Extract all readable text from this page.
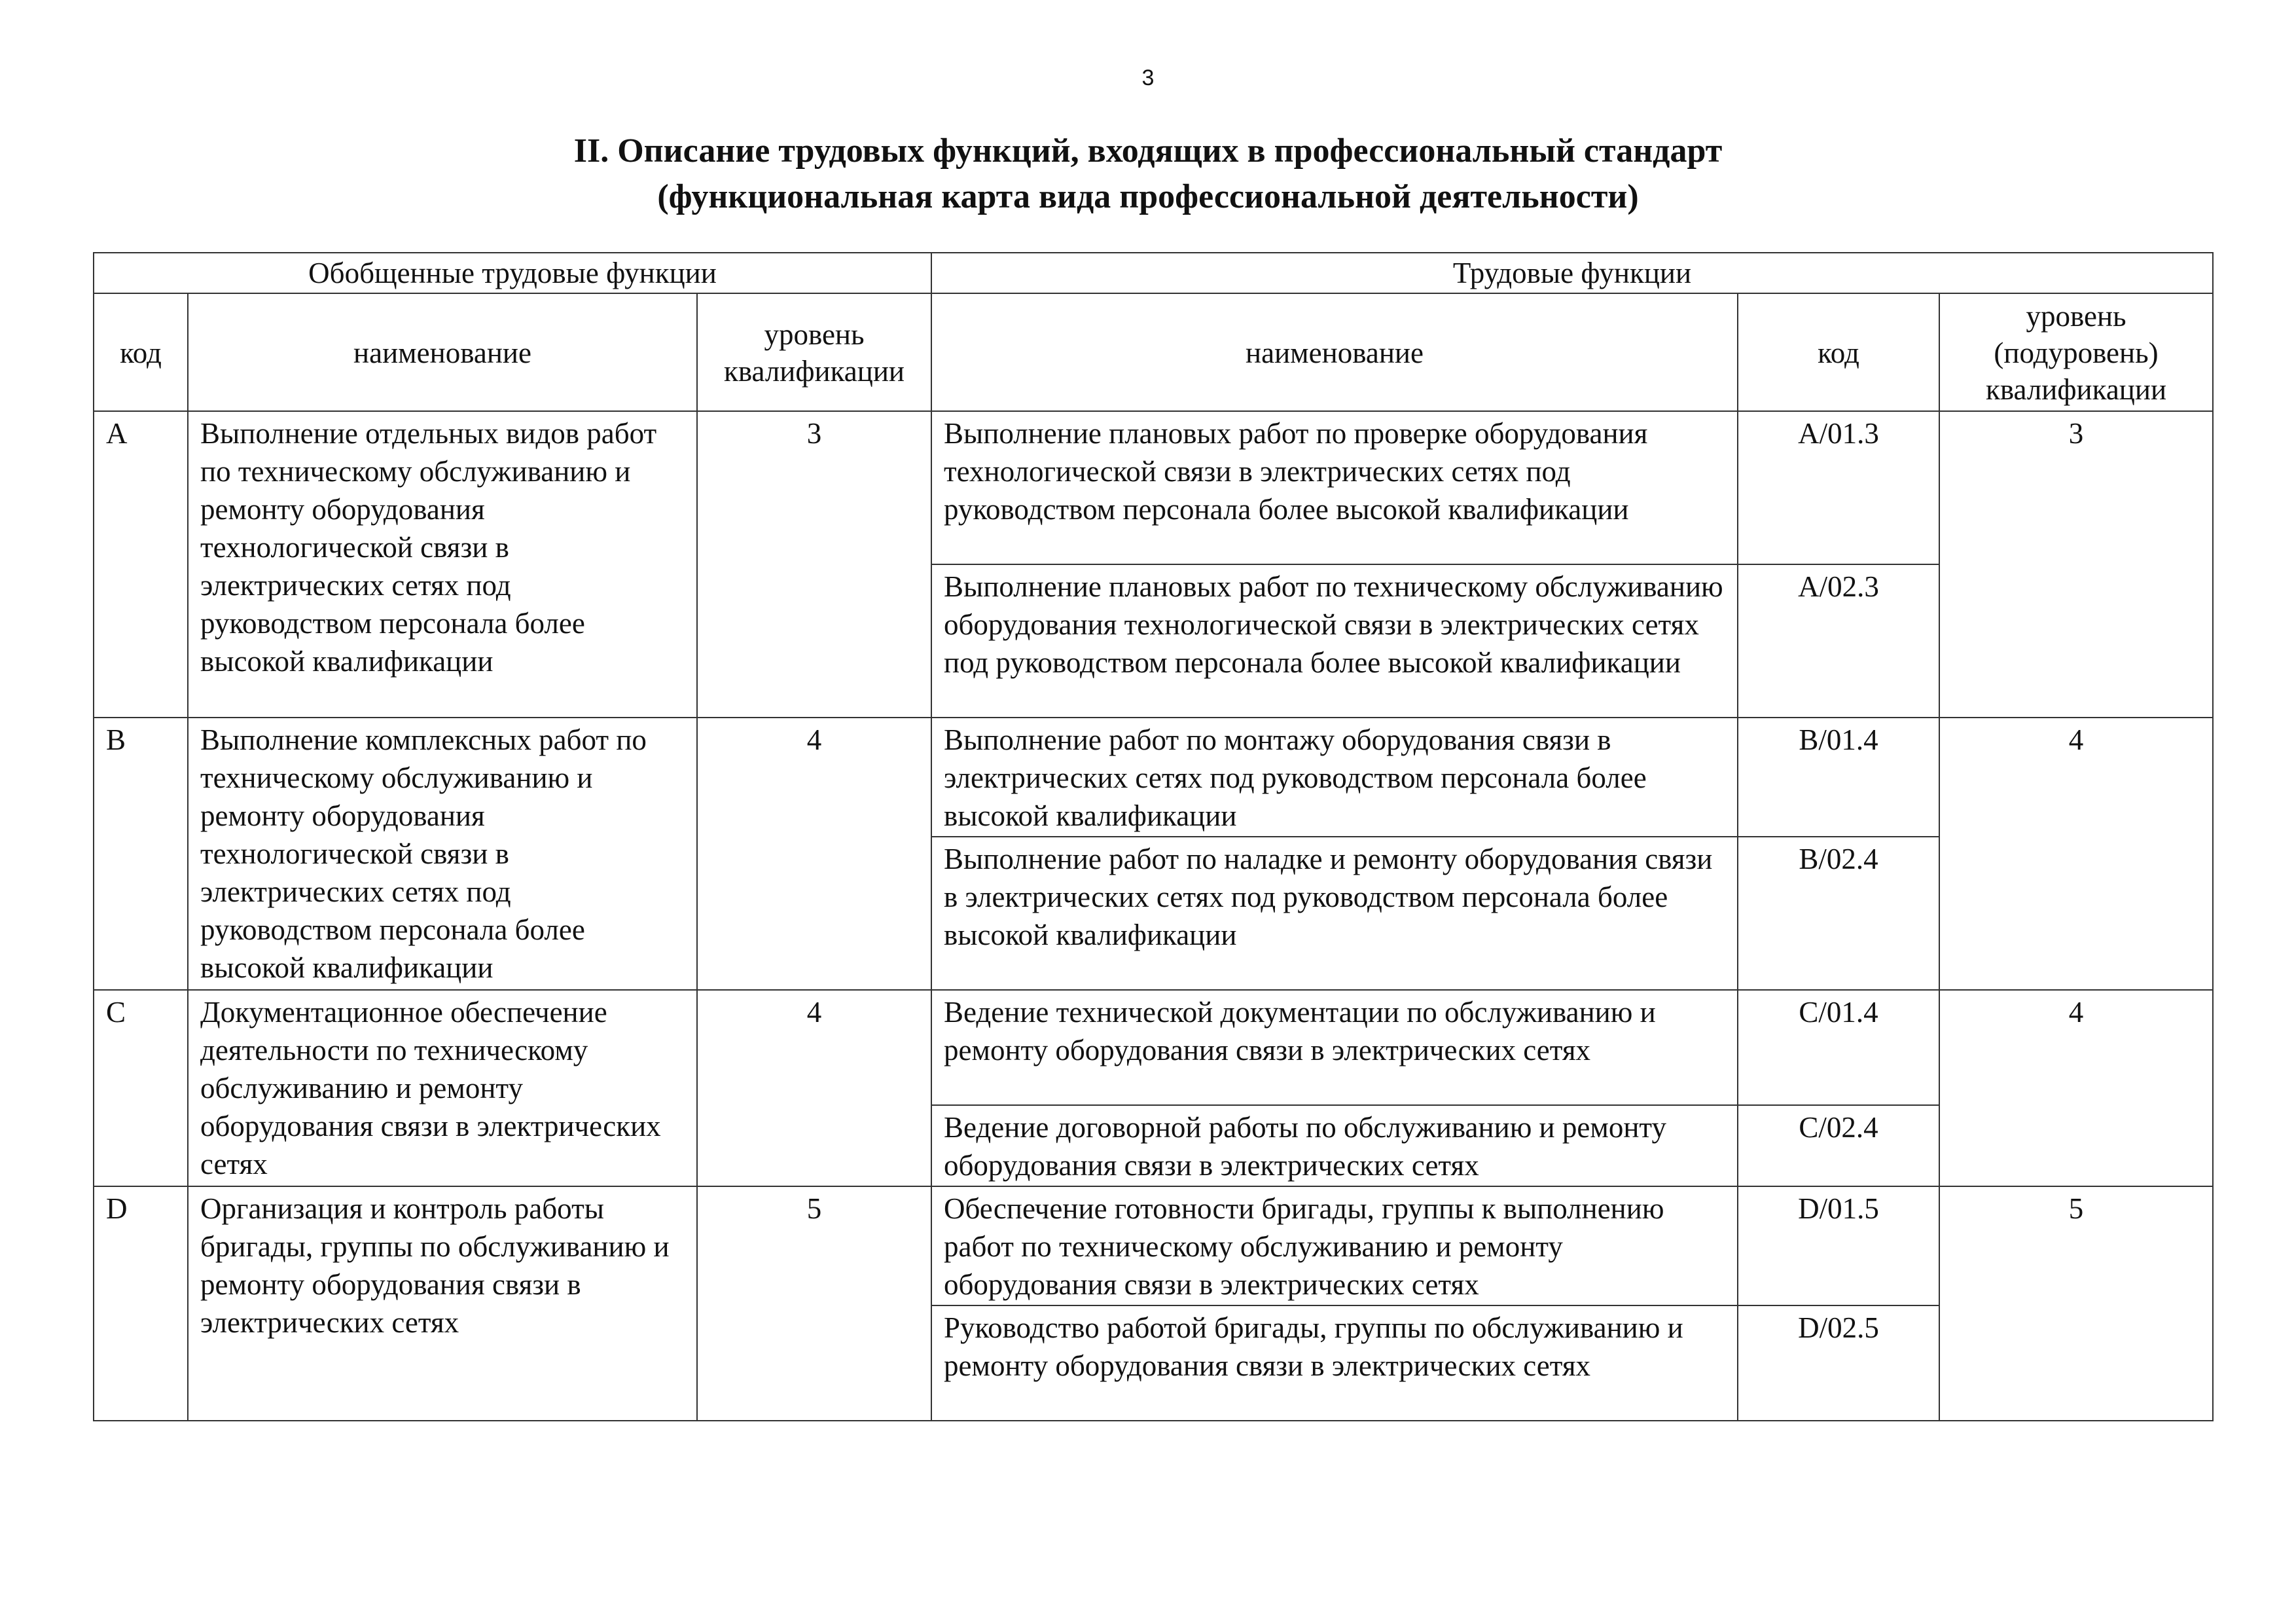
3
II. Описание трудовых функций, входящих в профессиональный стандарт
(функциональная карта вида профессиональной деятельности)
Обобщенные трудовые функции			Трудовые функции		
код	наименование	уровень квалификации	наименование	код	уровень (подуровень) квалификации
A	Выполнение отдельных видов работ по техническому обслуживанию и ремонту оборудования технологической связи в электрических сетях под руководством персонала более высокой квалификации	3	Выполнение плановых работ по проверке оборудования технологической связи в электрических сетях под руководством персонала более высокой квалификации	A/01.3	3
			Выполнение плановых работ по техническому обслуживанию оборудования технологической связи в электрических сетях под руководством персонала более высокой квалификации	A/02.3	
B	Выполнение комплексных работ по техническому обслуживанию и ремонту оборудования технологической связи в электрических сетях под руководством персонала более высокой квалификации	4	Выполнение работ по монтажу оборудования связи в электрических сетях под руководством персонала более высокой квалификации	B/01.4	4
			Выполнение работ по наладке и ремонту оборудования связи в электрических сетях под руководством персонала более высокой квалификации	B/02.4	
C	Документационное обеспечение деятельности по техническому обслуживанию и ремонту оборудования связи в электрических сетях	4	Ведение технической документации по обслуживанию и ремонту оборудования связи в электрических сетях	C/01.4	4
			Ведение договорной работы по обслуживанию и ремонту оборудования связи в электрических сетях	C/02.4	
D	Организация и контроль работы бригады, группы по обслуживанию и ремонту оборудования связи в электрических сетях	5	Обеспечение готовности бригады, группы к выполнению работ по техническому обслуживанию и ремонту оборудования связи в электрических сетях	D/01.5	5
			Руководство работой бригады, группы по обслуживанию и ремонту оборудования связи в электрических сетях	D/02.5	
